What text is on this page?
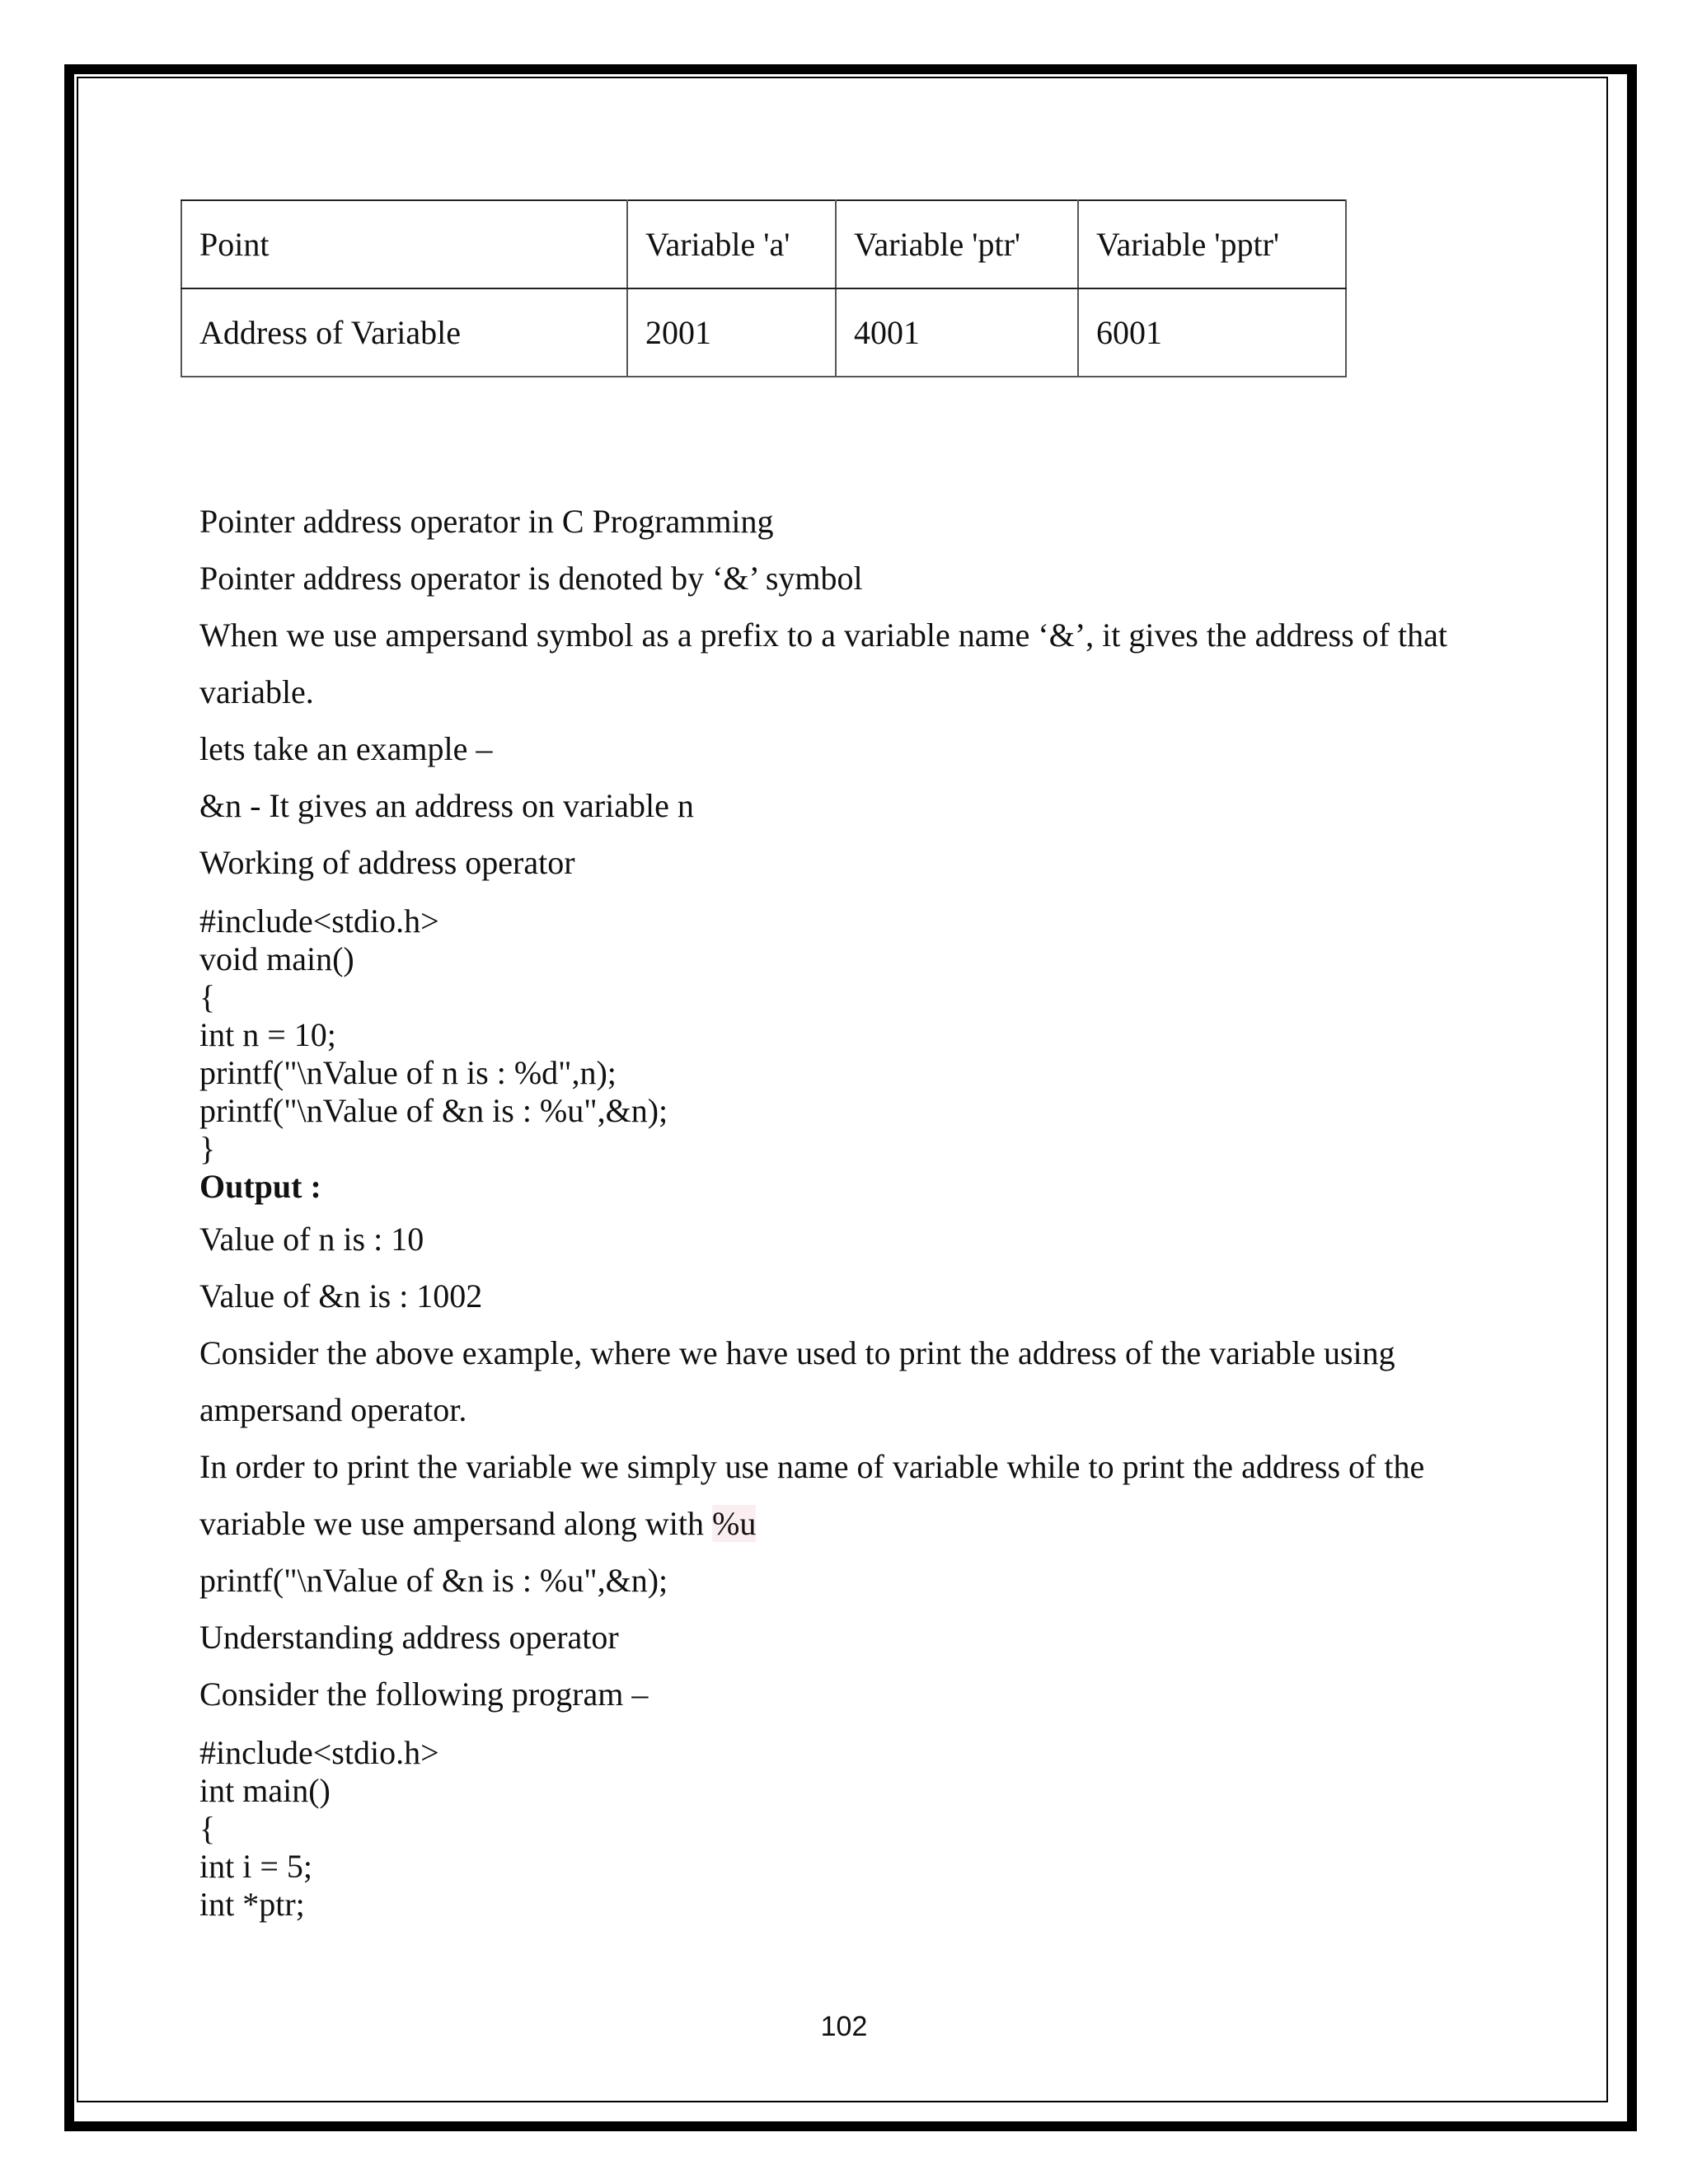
Point	Variable 'a'	Variable 'ptr'	Variable 'pptr'
Address of Variable	2001	4001	6001

Pointer address operator in C Programming

Pointer address operator is denoted by ‘&’ symbol

When we use ampersand symbol as a prefix to a variable name ‘&’, it gives the address of that

variable.

lets take an example –

&n - It gives an address on variable n

Working of address operator

#include<stdio.h>

void main()

{

int n = 10;

printf("\nValue of n is : %d",n);

printf("\nValue of &n is : %u",&n);

}

Output :

Value of n is : 10

Value of &n is : 1002

Consider the above example, where we have used to print the address of the variable using

ampersand operator.

In order to print the variable we simply use name of variable while to print the address of the

variable we use ampersand along with %u

printf("\nValue of &n is : %u",&n);

Understanding address operator

Consider the following program –

#include<stdio.h>

int main()

{

int i = 5;

int *ptr;

102
